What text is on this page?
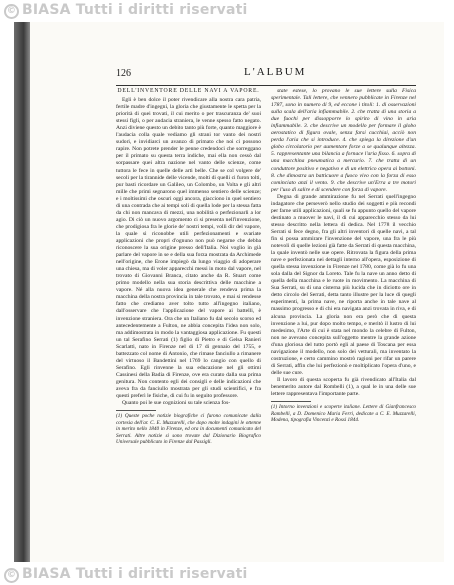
© BIASA Tutti i diritti riservati
126	L'ALBUM
DELL'INVENTORE DELLE NAVI A VAPORE.

Egli è ben dolce il poter rivendicare alla nostra cara patria, fertile madre d'ingegni, la gloria che giustamente le spetta per la priorità di quei trovati, il cui merito o per trascuranza de' suoi stessi figli, o per audacia straniera, le venne spesso fatto negato. Anzi diviene questo un debito tanto più forte, quanto maggiore è l'audacia colla quale vediamo gli strani tor vanto dei nostri sudori, e invidiarci un avanzo di primato che noi ci possono rapire. Non potrete prender le penne credendoci che sorreggano per il primato su questa terra indiche, mai ella non cessò dal sorpassare quei altra nazione nel vanto delle scienze, come tuttora le fece in quelle delle arti belle. Che se col volgere de' secoli per la tirannide delle vicende, molti di quelli ci furon tolti, pur basti ricordare un Galileo, un Colombo, un Volta e gli altri mille che primi segnarono quel immenso sentiero delle scienze; e i moltissimi che oscuri oggi ancora, giacciono in quel sentiero di una contrada che ai tempi soli di quella lode per la stessa fatta da chi non mancava di mezzi, una nobilità o perfezionarli a lor agio. Di ciò un nuovo argomento ci si presenta nell'invenzione, che prodigiosa fra le glorie de' nostri tempi, volli dir del vapore, la quale sì riconobbe utili perfezionamenti e svariate applicazioni che propri d'ognuno non può negarne che debba riconoscere la sua origine presso dell'Italia. Noi voglio in già parlare del vapore in se e della sua forza mostrata da Archimede nell'origine, che Erone impiegò da lungo viaggio di adoperare una chiesa, ma di voler apparecchi messi in moto dal vapore, nel trovato di Giovanni Branca, citato anche da R. Stuart come primo modello nella sua storia descrittiva delle macchine a vapore. Né alla nuova idea generale che rendeva prima la macchina della nostra provincia in tale trovato, e mai si rendesse fatto che crediamo aver tolto tutto all'ingegno italiano, dall'osservare che l'applicazione del vapore ai battelli, è invenzione straniera. Ora che un Italiano fu dal secolo scorso ed antecedentemente a Fulton, ne abbia concepita l'idea non solo, ma addimostrata in modo la vantaggiosa applicazione. Fu questi un tal Serafino Serrati (1) figlio di Pietro e di Gelsa Ranieri Scarlatti, nato in Firenze nel di 17 di gennaio del 1755, e battezzato col nome di Antonio, che rimase fanciullo a rimanere del virtuoso il Bandettini nel 1769 lo cangio con quello di Serafino. Egli rinvenne la sua educazione nel gli ottimi Cassinesi della Badia di Firenze, ove era curato dalla sua prima genitura. Non contento egli dei consigli e delle indicazioni che aveva fra da fanciullo mostrata per gli studi scientifici, e fra questi preferì le fisiche, di cui fu in seguito professore.

Quanto poi le sue cognizioni su tale scienza fos-

(1) Queste poche notizie biografiche ci furono comunicate dalla cortesia dell'ar. C. E. Muzzarelli, che dopo molte indagini le ottenne in merito nello 1840 in Firenze, ed ora in documenti comunicato del Serrati. Altre notizie si sono trovate dal Dizionario Biografico Universale pubblicato in Firenze dal Passigli.

state estese, lo provano le sue lettere sulla Fisica sperimentale. Tali lettere, che vennero pubblicate in Firenze nel 1787, sono in numero di 9, ed eccone i titoli: 1. di osservazioni sulla scala dell'aria infiammabile. 2. che tratta di una storia a due fuochi per dissopporre lo spirito di vino in aria infiammabile. 3. che descrive un modello per formare il globo aerostatico di figura ovale, senza farsi cucchiai, acciò non perda l'aria che si introduce. 4. che spiega la direzione d'un globo circolatorio per aumentare forze a se qualunque altezza. 5. rappresentante una bilancia a fornace l'aria fisso. 6. sopra di una macchina pneumatica a mercurio. 7. che tratta di un conduttore positivo e negativo e di un elettrico opera ai bottoni. 8. che dimostra un batticuore a fuoco vivo con la forza di esso cominciato anzi il vento. 9. che descrive un'Erra a tre motori per l'uso di salire e di scendere con forza di vapore.

Degna di grande ammirazione fu nel Serrati quell'ingegno indagatore che perseverò nello studio dei soggetti e più recondi per farne utili applicazioni, quali se fu appunto quello del vapore destinato a muover le navi, il di cui apparecchio stesso da lui stesso descritto nella lettera di dedica. Nel 1778 il vecchio Serrati si fece degno, fra gli altri inventori di quelle navi, a tal fin si possa ammirare l'invenzione del vapore, una fra le più notevoli di quelle lezioni già fatte da Serrati di questa macchina, la quale inventò nelle sue opere. Ritrovata la figura della prima nave e perfezionata nei dettagli interno all'opera, esposizione di quella stessa invenzione in Firenze nel 1780, come già lo fu una sola dalla del Signor da Loreto. Tale fu la nave un anno detto di quella della macchina e le ruote in movimento. La macchina di Sua Serrati, su di una cisterna più lucida che in diciotto ore in detto circolo del Serrati, detta tanto illustre per la luce di quegli esperimenti, la prima nave, ne riporta anche in tale nave al massimo progresso e di chi era navigata anzi trovata in riva, e di alcuna provincia. La gloria non era però che di questa invenzione a lui, pur dopo molto tempo, e meritò il lustro di lui medesimo, l'Arte di cui è stata nel mondo la celebre di Fulton, non ne avevano concepita sull'oggetto mentre la grande azione d'una gloriosa del tutto portò egli al paese di Toscana per essa navigazione il modello, non solo dei vetturali, ma inventato la costruzione, e certo cammino mostrò ragioni per rifar un parere di Serrati, affin che lui perfezionò e moltiplicato l'opera d'uno, e delle sue cure.

Il lavoro di questa scoperta fu già rivendicato all'Italia dal benemerito autore dal Rombelli (1), a qual le in una delle sue lettere rappresentava l'importante parte.

(1) Intorno invenzioni e scoperte italiane. Lettere di Gianfrancesco Rambelli, a D. Domenico Maria Ferri, dedicate a C. E. Muzzarelli, Modena, tipografia Vincenzi e Rossi 1844.
© BIASA Tutti i diritti riservati
